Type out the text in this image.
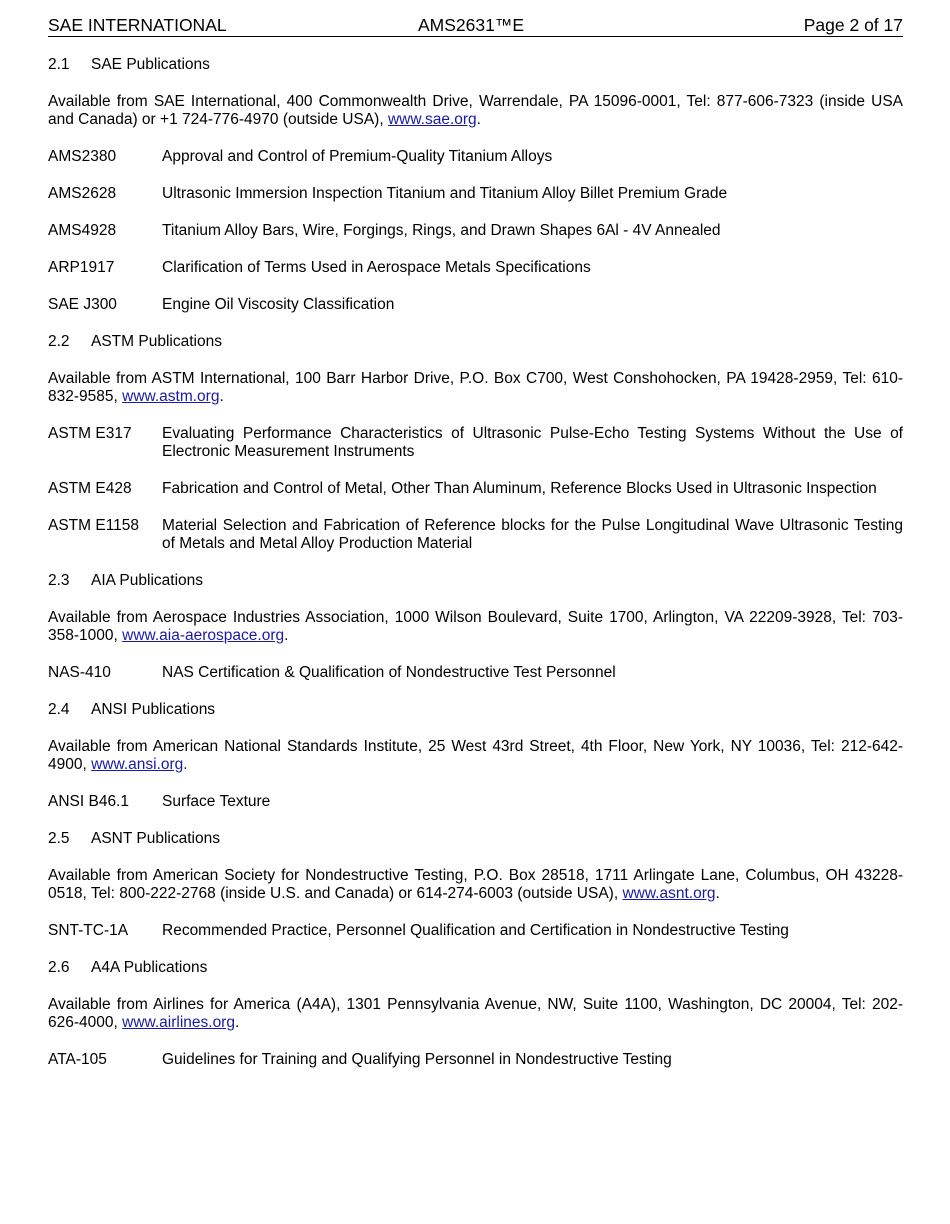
SAE INTERNATIONAL	AMS2631™E	Page 2 of 17
2.1 SAE Publications
Available from SAE International, 400 Commonwealth Drive, Warrendale, PA 15096-0001, Tel: 877-606-7323 (inside USA and Canada) or +1 724-776-4970 (outside USA), www.sae.org.
AMS2380	Approval and Control of Premium-Quality Titanium Alloys
AMS2628	Ultrasonic Immersion Inspection Titanium and Titanium Alloy Billet Premium Grade
AMS4928	Titanium Alloy Bars, Wire, Forgings, Rings, and Drawn Shapes 6Al - 4V Annealed
ARP1917	Clarification of Terms Used in Aerospace Metals Specifications
SAE J300	Engine Oil Viscosity Classification
2.2 ASTM Publications
Available from ASTM International, 100 Barr Harbor Drive, P.O. Box C700, West Conshohocken, PA 19428-2959, Tel: 610-832-9585, www.astm.org.
ASTM E317	Evaluating Performance Characteristics of Ultrasonic Pulse-Echo Testing Systems Without the Use of Electronic Measurement Instruments
ASTM E428	Fabrication and Control of Metal, Other Than Aluminum, Reference Blocks Used in Ultrasonic Inspection
ASTM E1158	Material Selection and Fabrication of Reference blocks for the Pulse Longitudinal Wave Ultrasonic Testing of Metals and Metal Alloy Production Material
2.3 AIA Publications
Available from Aerospace Industries Association, 1000 Wilson Boulevard, Suite 1700, Arlington, VA 22209-3928, Tel: 703-358-1000, www.aia-aerospace.org.
NAS-410	NAS Certification & Qualification of Nondestructive Test Personnel
2.4 ANSI Publications
Available from American National Standards Institute, 25 West 43rd Street, 4th Floor, New York, NY 10036, Tel: 212-642-4900, www.ansi.org.
ANSI B46.1	Surface Texture
2.5 ASNT Publications
Available from American Society for Nondestructive Testing, P.O. Box 28518, 1711 Arlingate Lane, Columbus, OH 43228-0518, Tel: 800-222-2768 (inside U.S. and Canada) or 614-274-6003 (outside USA), www.asnt.org.
SNT-TC-1A	Recommended Practice, Personnel Qualification and Certification in Nondestructive Testing
2.6 A4A Publications
Available from Airlines for America (A4A), 1301 Pennsylvania Avenue, NW, Suite 1100, Washington, DC 20004, Tel: 202-626-4000, www.airlines.org.
ATA-105	Guidelines for Training and Qualifying Personnel in Nondestructive Testing
